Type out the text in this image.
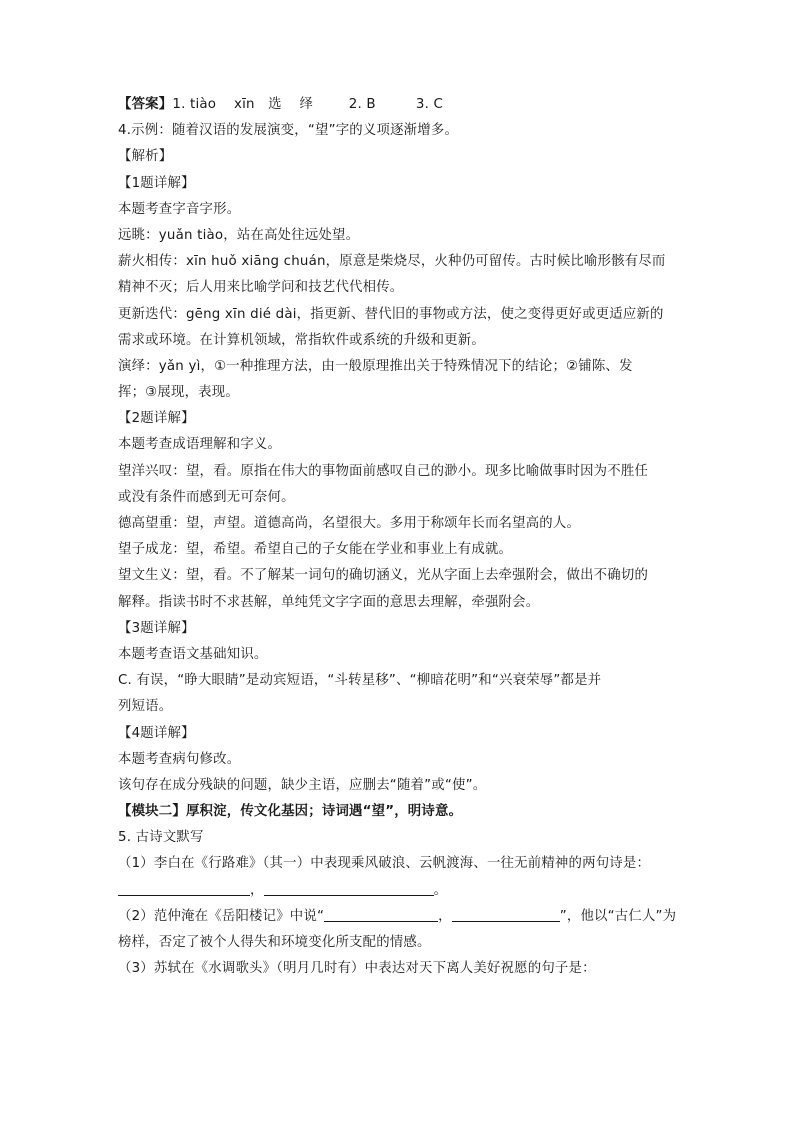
【答案】1. tiào    xīn   选    绎        2. B         3. C
4.示例：随着汉语的发展演变，“望”字的义项逐渐增多。
【解析】
【1题详解】
本题考查字音字形。
远眺：yuǎn tiào，站在高处往远处望。
薪火相传：xīn huǒ xiāng chuán，原意是柴烧尽，火种仍可留传。古时候比喻形骸有尽而
精神不灭；后人用来比喻学问和技艺代代相传。
更新迭代：gēng xīn dié dài，指更新、替代旧的事物或方法，使之变得更好或更适应新的
需求或环境。在计算机领域，常指软件或系统的升级和更新。
演绎：yǎn yì，①一种推理方法，由一般原理推出关于特殊情况下的结论；②铺陈、发
挥；③展现，表现。
【2题详解】
本题考查成语理解和字义。
望洋兴叹：望，看。原指在伟大的事物面前感叹自己的渺小。现多比喻做事时因为不胜任
或没有条件而感到无可奈何。
德高望重：望，声望。道德高尚，名望很大。多用于称颂年长而名望高的人。
望子成龙：望，希望。希望自己的子女能在学业和事业上有成就。
望文生义：望，看。不了解某一词句的确切涵义，光从字面上去牵强附会，做出不确切的
解释。指读书时不求甚解，单纯凭文字字面的意思去理解，牵强附会。
【3题详解】
本题考查语文基础知识。
C. 有误，“睁大眼睛”是动宾短语，“斗转星移”、“柳暗花明”和“兴衰荣辱”都是并
列短语。
【4题详解】
本题考查病句修改。
该句存在成分残缺的问题，缺少主语，应删去“随着”或“使”。
【模块二】厚积淀，传文化基因；诗词遇“望”，明诗意。
5. 古诗文默写
（1）李白在《行路难》（其一）中表现乘风破浪、云帆渡海、一往无前精神的两句诗是：
，	。
（2）范仲淹在《岳阳楼记》中说“	，	”，他以“古仁人”为
榜样，否定了被个人得失和环境变化所支配的情感。
（3）苏轼在《水调歌头》（明月几时有）中表达对天下离人美好祝愿的句子是：
